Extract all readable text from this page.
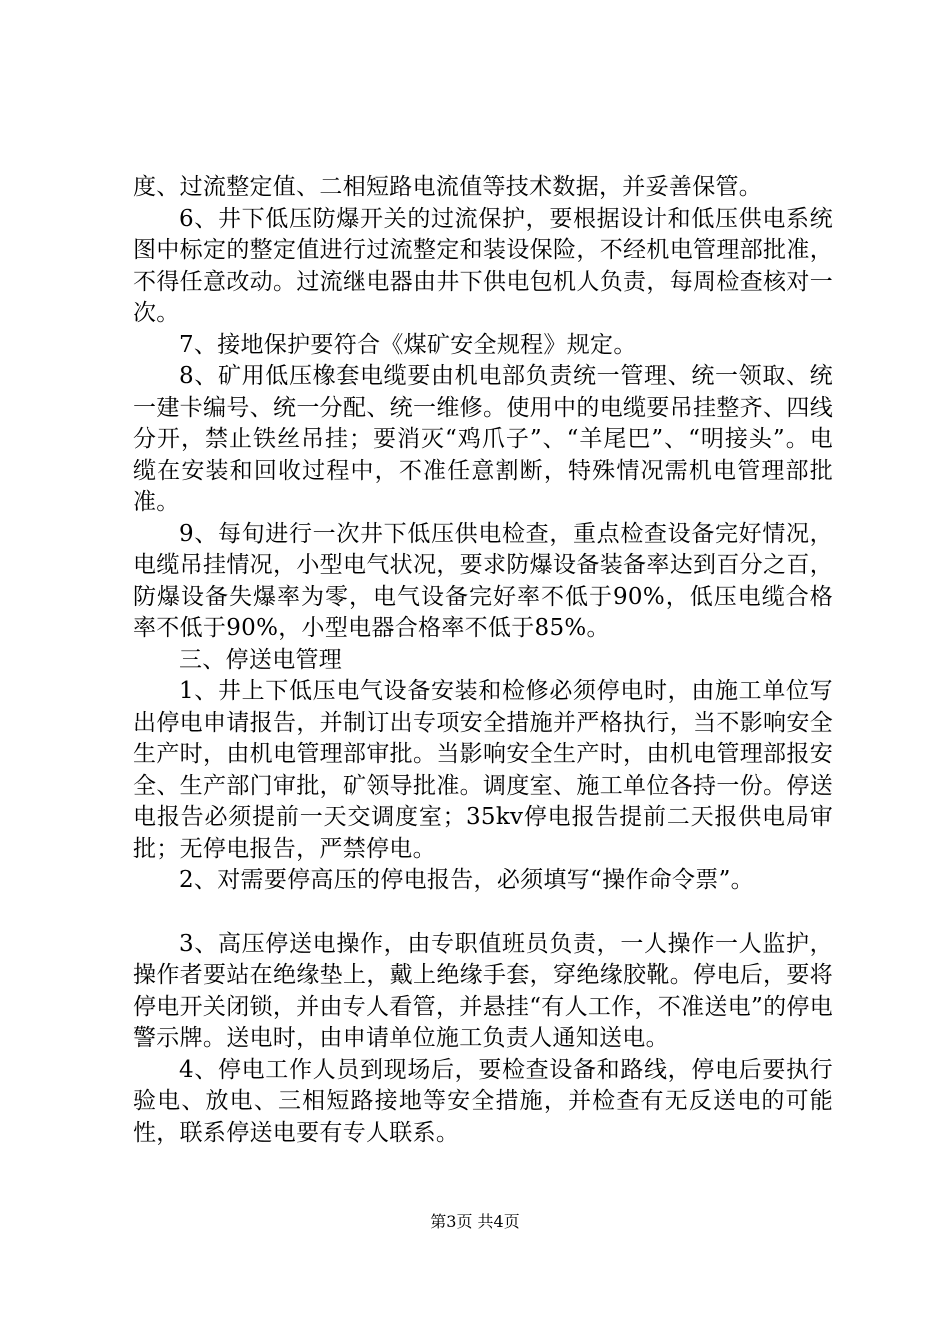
度、过流整定值、二相短路电流值等技术数据，并妥善保管。

6、井下低压防爆开关的过流保护，要根据设计和低压供电系统图中标定的整定值进行过流整定和装设保险，不经机电管理部批准，不得任意改动。过流继电器由井下供电包机人负责，每周检查核对一次。

7、接地保护要符合《煤矿安全规程》规定。

8、矿用低压橡套电缆要由机电部负责统一管理、统一领取、统一建卡编号、统一分配、统一维修。使用中的电缆要吊挂整齐、四线分开，禁止铁丝吊挂；要消灭“鸡爪子”、“羊尾巴”、“明接头”。电缆在安装和回收过程中，不准任意割断，特殊情况需机电管理部批准。

9、每旬进行一次井下低压供电检查，重点检查设备完好情况，电缆吊挂情况，小型电气状况，要求防爆设备装备率达到百分之百，防爆设备失爆率为零，电气设备完好率不低于90%，低压电缆合格率不低于90%，小型电器合格率不低于85%。

三、停送电管理

1、井上下低压电气设备安装和检修必须停电时，由施工单位写出停电申请报告，并制订出专项安全措施并严格执行，当不影响安全生产时，由机电管理部审批。当影响安全生产时，由机电管理部报安全、生产部门审批，矿领导批准。调度室、施工单位各持一份。停送电报告必须提前一天交调度室；35kv停电报告提前二天报供电局审批；无停电报告，严禁停电。

2、对需要停高压的停电报告，必须填写“操作命令票”。

3、高压停送电操作，由专职值班员负责，一人操作一人监护，操作者要站在绝缘垫上，戴上绝缘手套，穿绝缘胶靴。停电后，要将停电开关闭锁，并由专人看管，并悬挂“有人工作，不准送电”的停电警示牌。送电时，由申请单位施工负责人通知送电。

4、停电工作人员到现场后，要检查设备和路线，停电后要执行验电、放电、三相短路接地等安全措施，并检查有无反送电的可能性，联系停送电要有专人联系。

第3页 共4页
